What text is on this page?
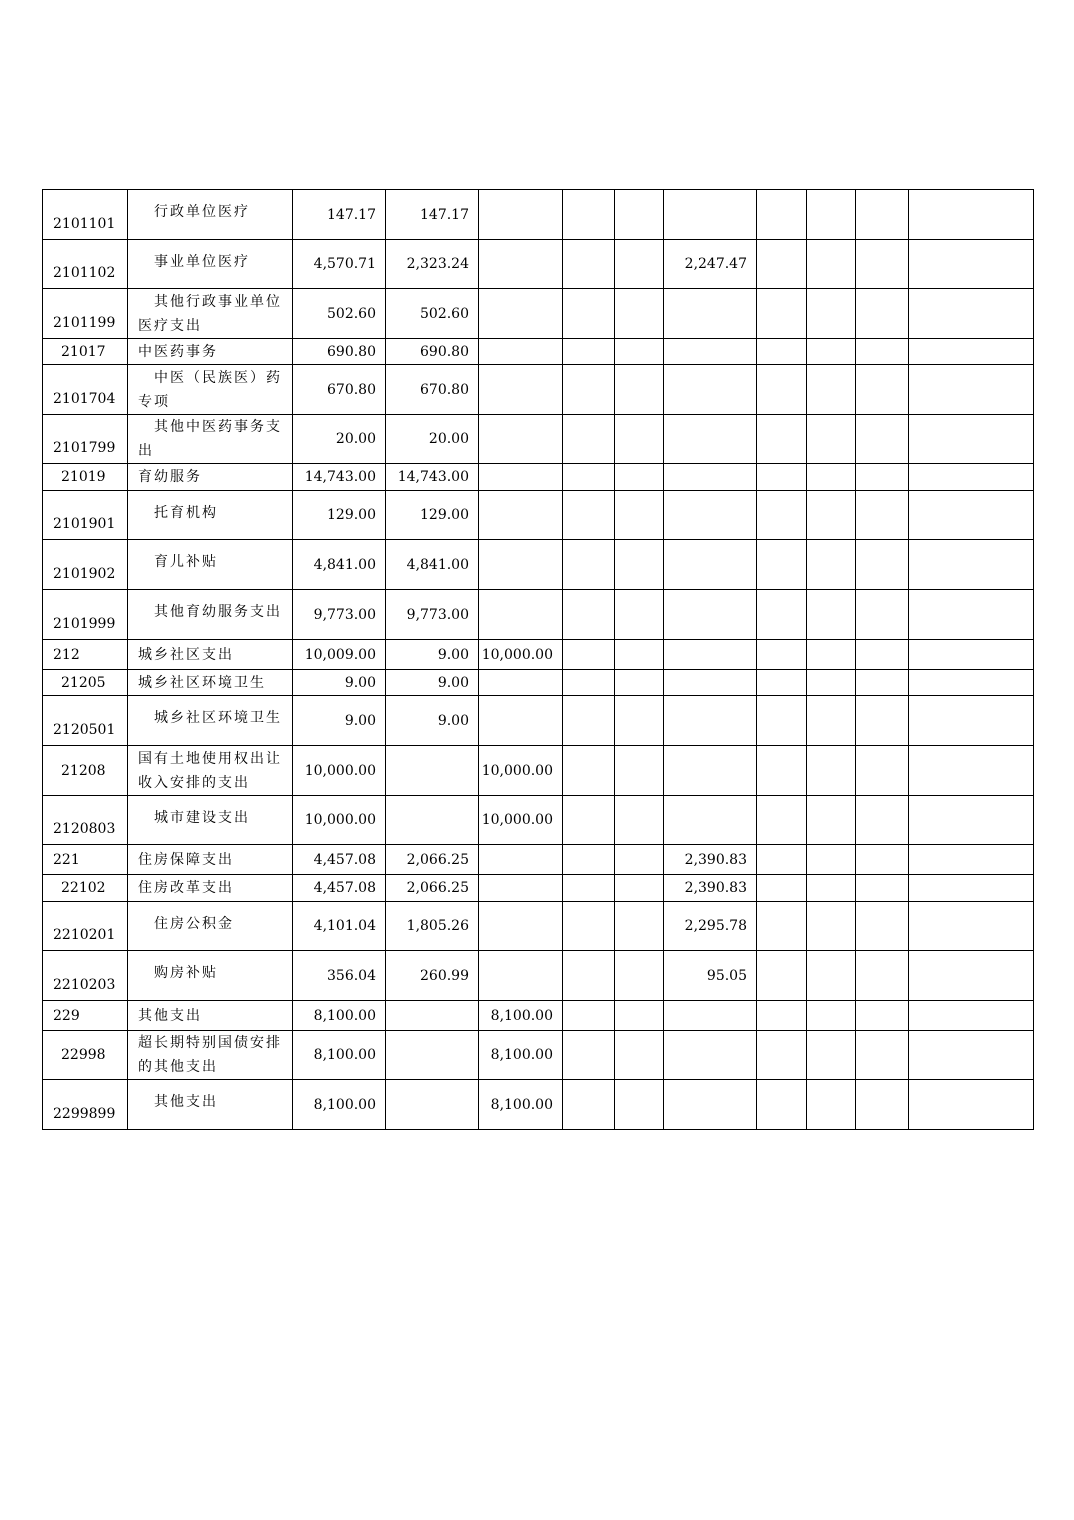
2101101	行政单位医疗	147.17	147.17								

2101102	事业单位医疗	4,570.71	2,323.24				2,247.47				

2101199	其他行政事业单位医疗支出	502.60	502.60								

21017	中医药事务	690.80	690.80								

2101704	中医（民族医）药专项	670.80	670.80								

2101799	其他中医药事务支出	20.00	20.00								

21019	育幼服务	14,743.00	14,743.00								

2101901	托育机构	129.00	129.00								

2101902	育儿补贴	4,841.00	4,841.00								

2101999	其他育幼服务支出	9,773.00	9,773.00								

212	城乡社区支出	10,009.00	9.00	10,000.00							

21205	城乡社区环境卫生	9.00	9.00								

2120501	城乡社区环境卫生	9.00	9.00								

21208	国有土地使用权出让收入安排的支出	10,000.00		10,000.00							

2120803	城市建设支出	10,000.00		10,000.00							

221	住房保障支出	4,457.08	2,066.25				2,390.83				

22102	住房改革支出	4,457.08	2,066.25				2,390.83				

2210201	住房公积金	4,101.04	1,805.26				2,295.78				

2210203	购房补贴	356.04	260.99				95.05				

229	其他支出	8,100.00		8,100.00							

22998	超长期特别国债安排的其他支出	8,100.00		8,100.00							

2299899	其他支出	8,100.00		8,100.00							
